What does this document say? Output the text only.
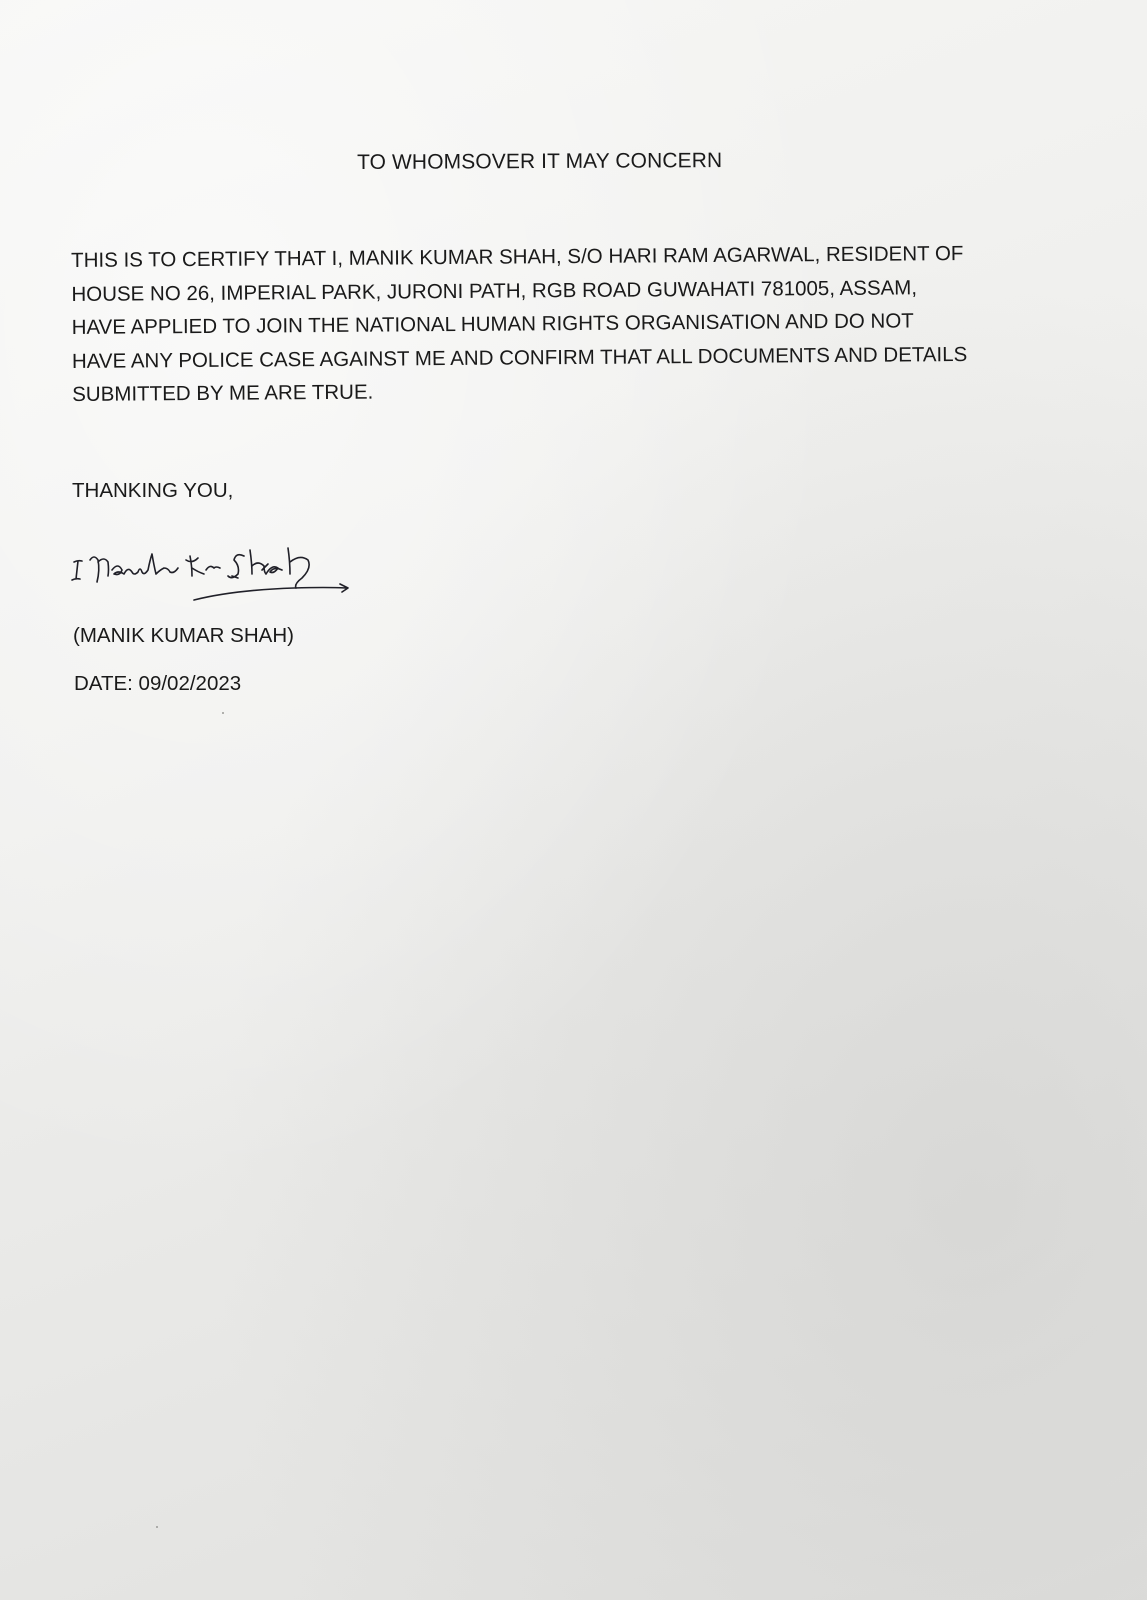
TO WHOMSOVER IT MAY CONCERN
THIS IS TO CERTIFY THAT I, MANIK KUMAR SHAH, S/O HARI RAM AGARWAL, RESIDENT OF
HOUSE NO 26, IMPERIAL PARK, JURONI PATH, RGB ROAD GUWAHATI 781005, ASSAM,
HAVE APPLIED TO JOIN THE NATIONAL HUMAN RIGHTS ORGANISATION AND DO NOT
HAVE ANY POLICE CASE AGAINST ME AND CONFIRM THAT ALL DOCUMENTS AND DETAILS
SUBMITTED BY ME ARE TRUE.
THANKING YOU,
(MANIK KUMAR SHAH)
DATE: 09/02/2023
